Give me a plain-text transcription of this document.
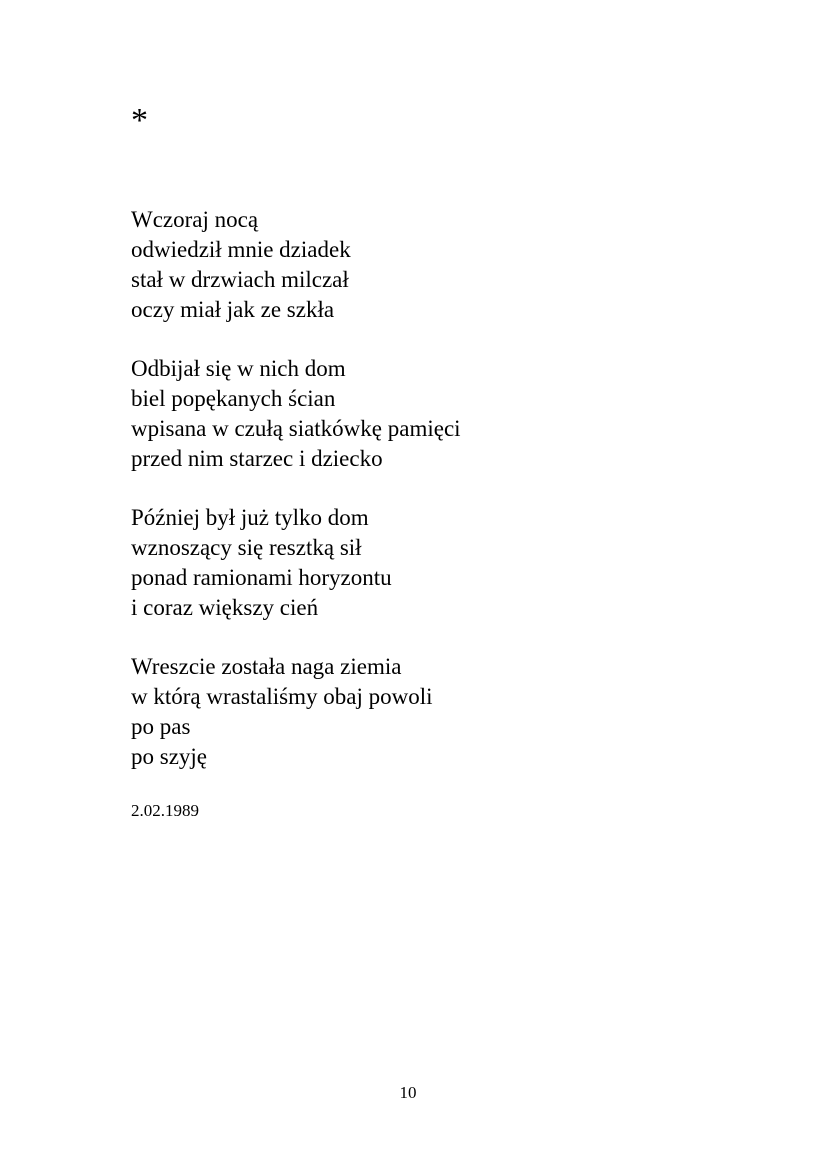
*
Wczoraj nocą
odwiedził mnie dziadek
stał w drzwiach milczał
oczy miał jak ze szkła
Odbijał się w nich dom
biel popękanych ścian
wpisana w czułą siatkówkę pamięci
przed nim starzec i dziecko
Później był już tylko dom
wznoszący się resztką sił
ponad ramionami horyzontu
i coraz większy cień
Wreszcie została naga ziemia
w którą wrastaliśmy obaj powoli
po pas
po szyję
2.02.1989
10
